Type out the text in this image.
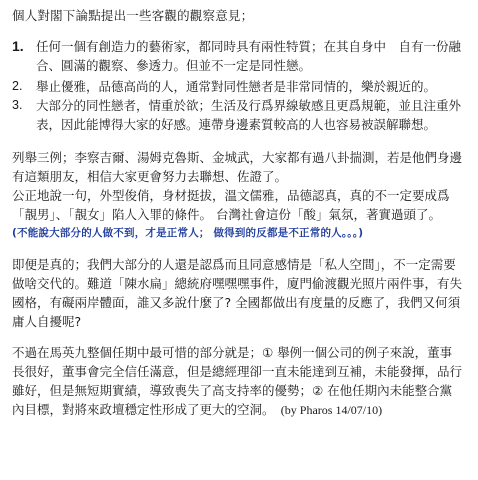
個人對閣下論點提出一些客觀的觀察意見；
1. 任何一個有創造力的藝術家，都同時具有兩性特質；在其自身中　自有一份融合、圓滿的觀察、參透力。但並不一定是同性戀。
2. 舉止優雅，品德高尚的人，通常對同性戀者是非常同情的，樂於親近的。
3. 大部分的同性戀者，情重於欲；生活及行爲界線敏感且更爲規範，並且注重外表，因此能博得大家的好感。連帶身邊素質較高的人也容易被誤解聯想。
列舉三例；李察吉爾、湯姆克魯斯、金城武，大家都有過八卦揣測，若是他們身邊有這類朋友，相信大家更會努力去聯想、佐證了。
公正地說一句，外型俊俏，身材挺拔，溫文儒雅，品德認真，真的不一定要成爲「靚男」、「靚女」陷人入罪的條件。 台灣社會這份「酸」氣氛，著實過頭了。
(不能說大部分的人做不到，才是正常人； 做得到的反都是不正常的人。。。)
即便是真的；我們大部分的人還是認爲而且同意感情是「私人空間」，不一定需要做啥交代的。難道「陳水扁」總統府嘿嘿嘿事件，廈門偷渡觀光照片兩件事，有失國格，有礙兩岸體面，誰又多說什麼了? 全國都做出有度量的反應了，我們又何須庸人自擾呢?
不過在馬英九整個任期中最可惜的部分就是；① 舉例一個公司的例子來說，董事長很好，董事會完全信任滿意，但是總經理卻一直未能達到互補，未能發揮，品行雖好，但是無短期實績，導致喪失了高支持率的優勢；② 在他任期內未能整合黨內目標，對將來政壇穩定性形成了更大的空洞。　 (by Pharos 14/07/10)
